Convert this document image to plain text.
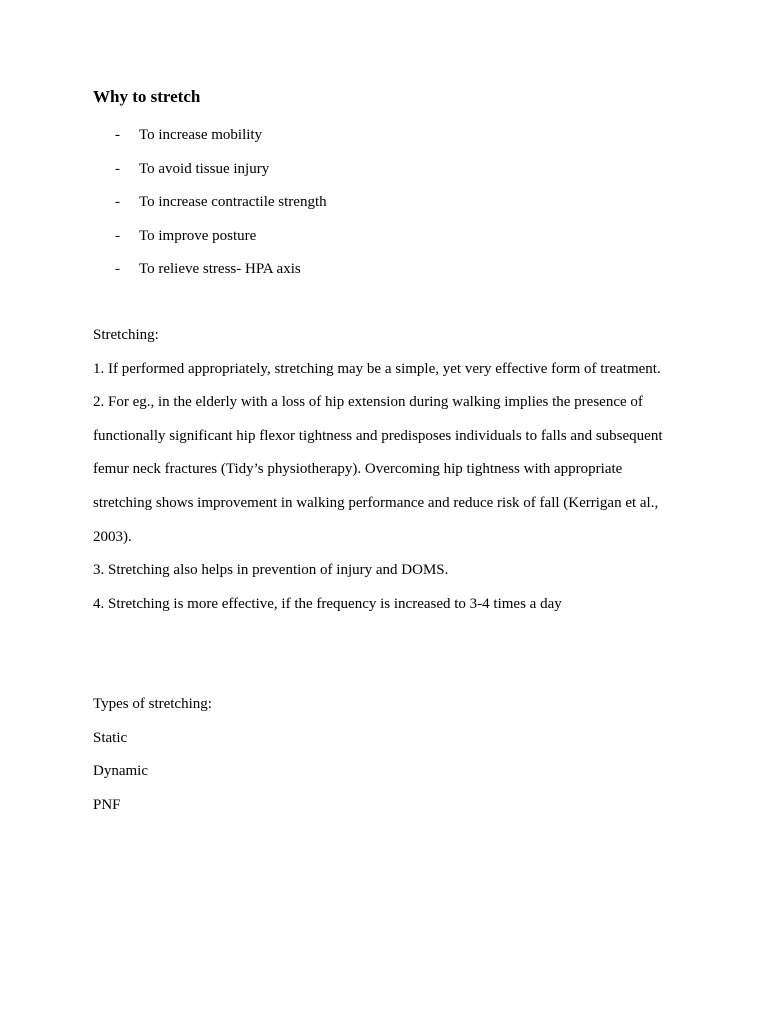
Why to stretch
- To increase mobility
- To avoid tissue injury
- To increase contractile strength
- To improve posture
- To relieve stress- HPA axis

Stretching:

1. If performed appropriately, stretching may be a simple, yet very effective form of treatment.

2. For eg., in the elderly with a loss of hip extension during walking implies the presence of functionally significant hip flexor tightness and predisposes individuals to falls and subsequent femur neck fractures (Tidy’s physiotherapy). Overcoming hip tightness with appropriate stretching shows improvement in walking performance and reduce risk of fall (Kerrigan et al., 2003).

3. Stretching also helps in prevention of injury and DOMS.

4. Stretching is more effective, if the frequency is increased to 3-4 times a day

Types of stretching:

Static

Dynamic

PNF
